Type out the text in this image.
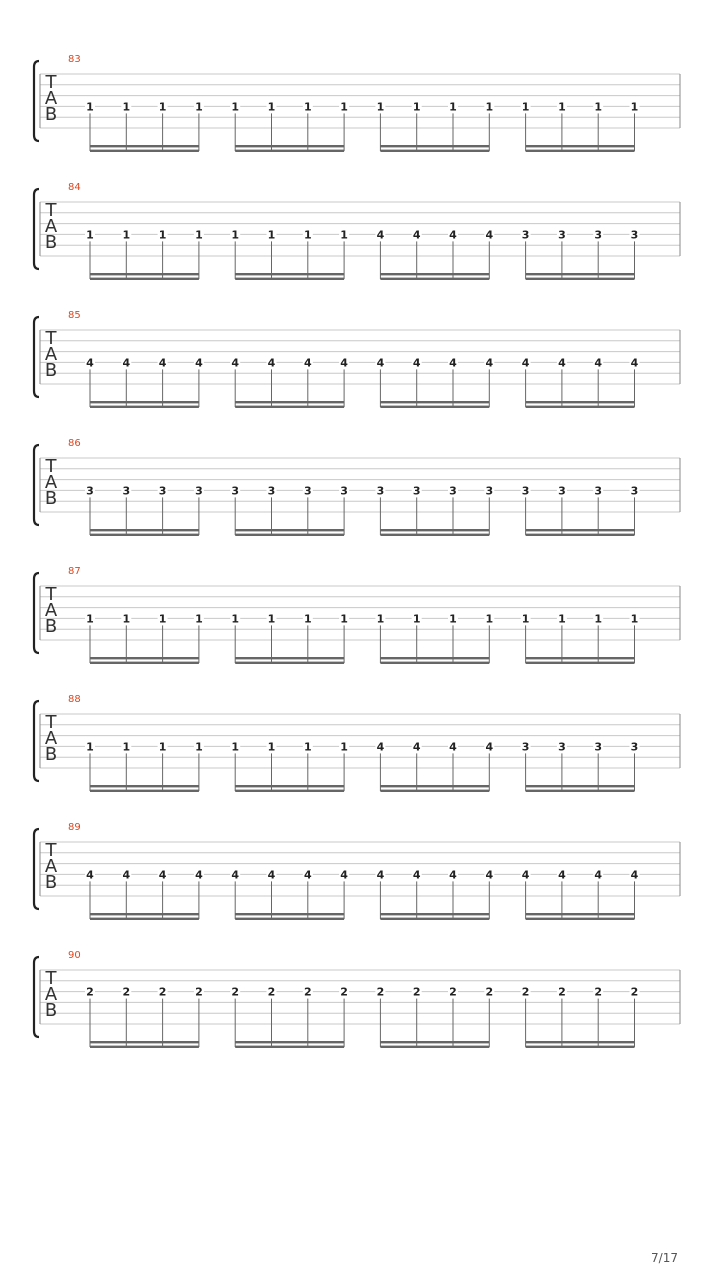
83
T
A
B	1	1	1	1	1	1	1	1	1	1	1	1	1	1	1	1
84
T
A
B	1	1	1	1	1	1	1	1	4	4	4	4	3	3	3	3
85
T
A
B	4	4	4	4	4	4	4	4	4	4	4	4	4	4	4	4
86
T
A
B	3	3	3	3	3	3	3	3	3	3	3	3	3	3	3	3
87
T
A
B	1	1	1	1	1	1	1	1	1	1	1	1	1	1	1	1
88
T
A
B	1	1	1	1	1	1	1	1	4	4	4	4	3	3	3	3
89
T
A
B	4	4	4	4	4	4	4	4	4	4	4	4	4	4	4	4
90
T
A
B
2	2	2	2	2	2	2	2	2	2	2	2	2	2	2	2
7/17
